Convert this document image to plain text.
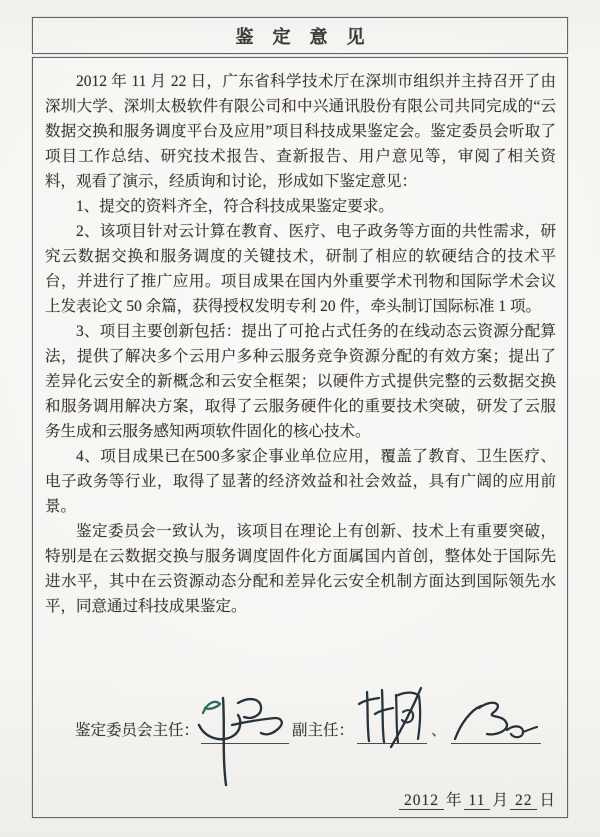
鉴定意见

2012 年 11 月 22 日，广东省科学技术厅在深圳市组织并主持召开了由深圳大学、深圳太极软件有限公司和中兴通讯股份有限公司共同完成的“云数据交换和服务调度平台及应用”项目科技成果鉴定会。鉴定委员会听取了项目工作总结、研究技术报告、查新报告、用户意见等，审阅了相关资料，观看了演示，经质询和讨论，形成如下鉴定意见：

1、提交的资料齐全，符合科技成果鉴定要求。

2、该项目针对云计算在教育、医疗、电子政务等方面的共性需求，研究云数据交换和服务调度的关键技术，研制了相应的软硬结合的技术平台，并进行了推广应用。项目成果在国内外重要学术刊物和国际学术会议上发表论文 50 余篇，获得授权发明专利 20 件，牵头制订国际标准 1 项。

3、项目主要创新包括：提出了可抢占式任务的在线动态云资源分配算法，提供了解决多个云用户多种云服务竞争资源分配的有效方案；提出了差异化云安全的新概念和云安全框架；以硬件方式提供完整的云数据交换和服务调用解决方案，取得了云服务硬件化的重要技术突破，研发了云服务生成和云服务感知两项软件固化的核心技术。

4、项目成果已在500多家企事业单位应用，覆盖了教育、卫生医疗、电子政务等行业，取得了显著的经济效益和社会效益，具有广阔的应用前景。

鉴定委员会一致认为，该项目在理论上有创新、技术上有重要突破，特别是在云数据交换与服务调度固件化方面属国内首创，整体处于国际先进水平，其中在云资源动态分配和差异化云安全机制方面达到国际领先水平，同意通过科技成果鉴定。

鉴定委员会主任：	副主任：	、
2012 年 11 月 22 日
